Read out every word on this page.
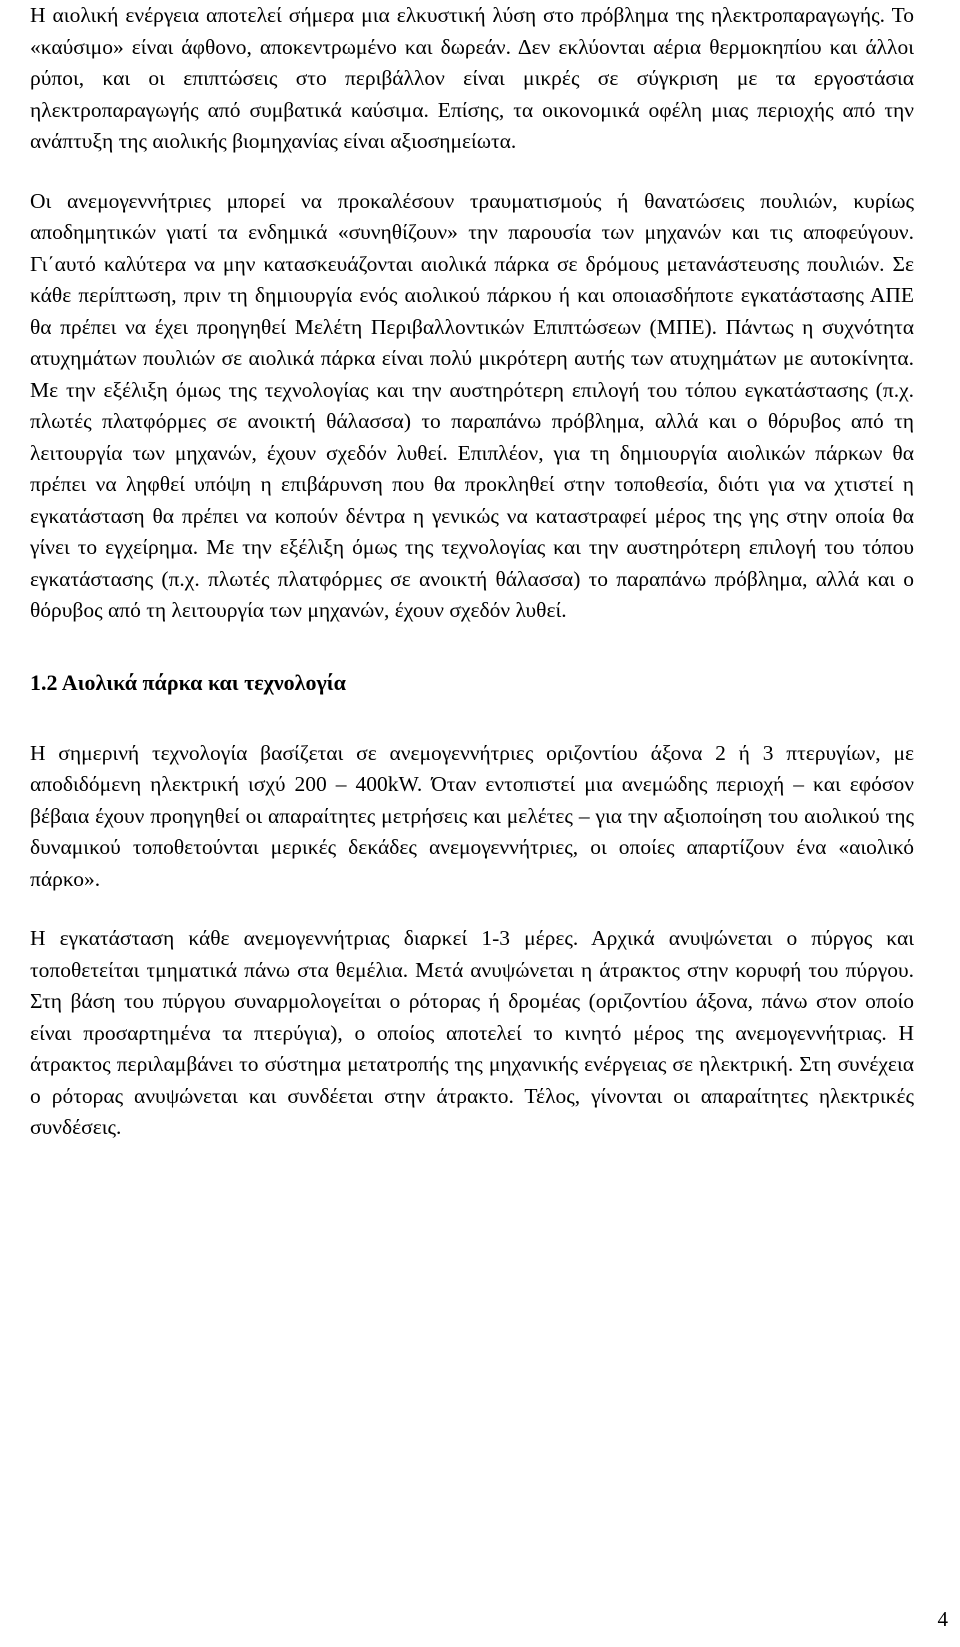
Η αιολική ενέργεια αποτελεί σήμερα μια ελκυστική λύση στο πρόβλημα της ηλεκτροπαραγωγής. Το «καύσιμο» είναι άφθονο, αποκεντρωμένο και δωρεάν. Δεν εκλύονται αέρια θερμοκηπίου και άλλοι ρύποι, και οι επιπτώσεις στο περιβάλλον είναι μικρές σε σύγκριση με τα εργοστάσια ηλεκτροπαραγωγής από συμβατικά καύσιμα. Επίσης, τα οικονομικά οφέλη μιας περιοχής από την ανάπτυξη της αιολικής βιομηχανίας είναι αξιοσημείωτα.

Οι ανεμογεννήτριες μπορεί να προκαλέσουν τραυματισμούς ή θανατώσεις πουλιών, κυρίως αποδημητικών γιατί τα ενδημικά «συνηθίζουν» την παρουσία των μηχανών και τις αποφεύγουν. Γι΄αυτό καλύτερα να μην κατασκευάζονται αιολικά πάρκα σε δρόμους μετανάστευσης πουλιών. Σε κάθε περίπτωση, πριν τη δημιουργία ενός αιολικού πάρκου ή και οποιασδήποτε εγκατάστασης ΑΠΕ θα πρέπει να έχει προηγηθεί Μελέτη Περιβαλλοντικών Επιπτώσεων (ΜΠΕ). Πάντως η συχνότητα ατυχημάτων πουλιών σε αιολικά πάρκα είναι πολύ μικρότερη αυτής των ατυχημάτων με αυτοκίνητα. Με την εξέλιξη όμως της τεχνολογίας και την αυστηρότερη επιλογή του τόπου εγκατάστασης (π.χ. πλωτές πλατφόρμες σε ανοικτή θάλασσα) το παραπάνω πρόβλημα, αλλά και ο θόρυβος από τη λειτουργία των μηχανών, έχουν σχεδόν λυθεί. Επιπλέον, για τη δημιουργία αιολικών πάρκων θα πρέπει να ληφθεί υπόψη η επιβάρυνση που θα προκληθεί στην τοποθεσία, διότι για να χτιστεί η εγκατάσταση θα πρέπει να κοπούν δέντρα η γενικώς να καταστραφεί μέρος της γης στην οποία θα γίνει το εγχείρημα. Με την εξέλιξη όμως της τεχνολογίας και την αυστηρότερη επιλογή του τόπου εγκατάστασης (π.χ. πλωτές πλατφόρμες σε ανοικτή θάλασσα) το παραπάνω πρόβλημα, αλλά και ο θόρυβος από τη λειτουργία των μηχανών, έχουν σχεδόν λυθεί.

1.2 Αιολικά πάρκα και τεχνολογία

Η σημερινή τεχνολογία βασίζεται σε ανεμογεννήτριες οριζοντίου άξονα 2 ή 3 πτερυγίων, με αποδιδόμενη ηλεκτρική ισχύ 200 – 400kW. Όταν εντοπιστεί μια ανεμώδης περιοχή – και εφόσον βέβαια έχουν προηγηθεί οι απαραίτητες μετρήσεις και μελέτες – για την αξιοποίηση του αιολικού της δυναμικού τοποθετούνται μερικές δεκάδες ανεμογεννήτριες, οι οποίες απαρτίζουν ένα «αιολικό πάρκο».

Η εγκατάσταση κάθε ανεμογεννήτριας διαρκεί 1-3 μέρες. Αρχικά ανυψώνεται ο πύργος και τοποθετείται τμηματικά πάνω στα θεμέλια. Μετά ανυψώνεται η άτρακτος στην κορυφή του πύργου. Στη βάση του πύργου συναρμολογείται ο ρότορας ή δρομέας (οριζοντίου άξονα, πάνω στον οποίο είναι προσαρτημένα τα πτερύγια), ο οποίος αποτελεί το κινητό μέρος της ανεμογεννήτριας. Η άτρακτος περιλαμβάνει το σύστημα μετατροπής της μηχανικής ενέργειας σε ηλεκτρική. Στη συνέχεια ο ρότορας ανυψώνεται και συνδέεται στην άτρακτο. Τέλος, γίνονται οι απαραίτητες ηλεκτρικές συνδέσεις.

4
